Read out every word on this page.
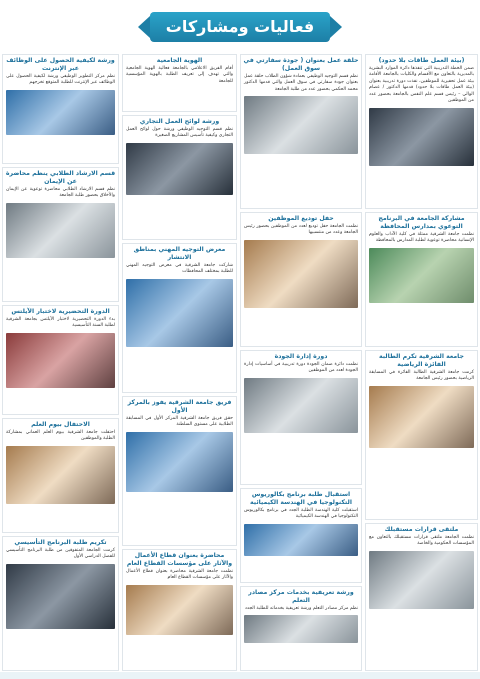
فعاليات ومشاركات
(بيئة العمل طاقات بلا حدود)

ضمن الخطة التدريبية التي تنفذها دائرة الموارد البشرية بالمديرية بالتعاون مع الأقسام والكليات بالجامعة الأقامة بيئة عمل تحفيزية للموظفين، نفذت دورة تدريبية بعنوان (بيئة العمل طاقات بلا حدود) قدمها الدكتور / عصام الوالي – رئيس قسم علم النفس بالجامعة بحضور عدد من الموظفين

مشاركة الجامعة في البرنامج التوعوي بمدارس المحافظة

نظمت جامعة الشرقية ممثلة في كلية الآداب والعلوم الإنسانية محاضرة توعوية لطلبة المدارس بالمحافظة

جامعة الشرقية تكرم الطالبة الفائزة الرياضية

كرمت جامعة الشرقية الطالبة الفائزة في المسابقة الرياضية بحضور رئيس الجامعة

ملتقى قرارات مستقبلك

نظمت الجامعة ملتقى قرارات مستقبلك بالتعاون مع المؤسسات الحكومية والخاصة

حلقة عمل بعنوان ( جودة سفارتي في سوق العمل)

نظم قسم التوجيه الوظيفي بعمادة شؤون الطلاب حلقة عمل بعنوان جودة سفارتي في سوق العمل والتي قدمها الدكتور محمد الحكمي بحضور عدد من طلبة الجامعة

حفل توديع الموظفين

نظمت الجامعة حفل توديع لعدد من الموظفين بحضور رئيس الجامعة وعدد من منتسبيها

دورة إدارة الجودة

نظمت دائرة ضمان الجودة دورة تدريبية في أساسيات إدارة الجودة لعدد من الموظفين

استقبال طلبة برنامج بكالوريوس التكنولوجيا في الهندسة الكيميائية

استقبلت كلية الهندسة الطلبة الجدد في برنامج بكالوريوس التكنولوجيا في الهندسة الكيميائية

ورشة تعريفية بخدمات مركز مصادر التعلم

نظم مركز مصادر التعلم ورشة تعريفية بخدماته للطلبة الجدد

الهوية الجامعية

أقام الفريق الاعلامي بالجامعة فعالية الهوية الجامعية والتي تهدف إلى تعريف الطلبة بالهوية المؤسسية للجامعة

ورشة لوائح العمل التجاري

نظم قسم التوجيه الوظيفي ورشة حول لوائح العمل التجاري وكيفية تأسيس المشاريع الصغيرة

معرض التوجيه المهني بمناطق الانتشار

شاركت جامعة الشرقية في معرض التوجيه المهني للطلبة بمختلف المحافظات

فريق جامعة الشرقية يفوز بالمركز الأول

حقق فريق جامعة الشرقية المركز الأول في المسابقة الطلابية على مستوى السلطنة

محاضرة بعنوان قطاع الأعمال والآثار على مؤسسات القطاع العام

نظمت جامعة الشرقية محاضرة بعنوان قطاع الأعمال والآثار على مؤسسات القطاع العام

ورشة لكيفية الحصول على الوظائف عبر الإنترنت

نظم مركز التطوير الوظيفي ورشة لكيفية الحصول على الوظائف عبر الإنترنت للطلبة المتوقع تخرجهم

قسم الارشاد الطلابي ينظم محاضرة عن الإيمان

نظم قسم الارشاد الطلابي محاضرة توعوية عن الإيمان والأخلاق بحضور طلبة الجامعة

الدورة التحضيرية لاختبار الآيلتس

بدء الدورة التحضيرية لاختبار الآيلتس بجامعة الشرقية لطلبة السنة التأسيسية

الاحتفال بيوم العلم

احتفلت جامعة الشرقية بيوم العلم العماني بمشاركة الطلبة والموظفين

تكريم طلبة البرنامج التأسيسي

كرمت الجامعة المتفوقين من طلبة البرنامج التأسيسي للفصل الدراسي الأول
